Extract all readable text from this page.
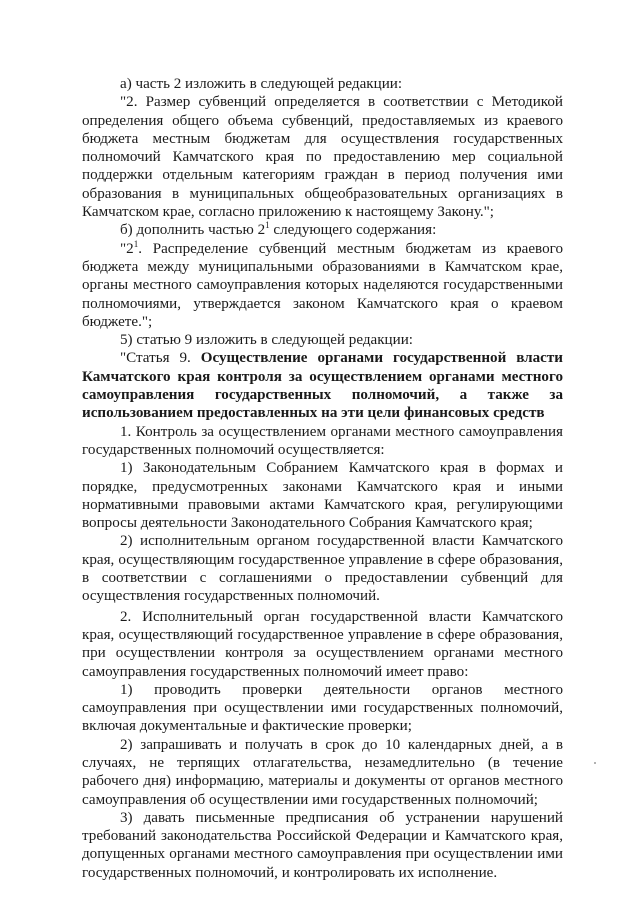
а) часть 2 изложить в следующей редакции:

"2. Размер субвенций определяется в соответствии с Методикой определения общего объема субвенций, предоставляемых из краевого бюджета местным бюджетам для осуществления государственных полномочий Камчатского края по предоставлению мер социальной поддержки отдельным категориям граждан в период получения ими образования в муниципальных общеобразовательных организациях в Камчатском крае, согласно приложению к настоящему Закону.";

б) дополнить частью $2^1$ следующего содержания:

"$2^1$. Распределение субвенций местным бюджетам из краевого бюджета между муниципальными образованиями в Камчатском крае, органы местного самоуправления которых наделяются государственными полномочиями, утверждается законом Камчатского края о краевом бюджете.";

5) статью 9 изложить в следующей редакции:

"Статья 9. Осуществление органами государственной власти Камчатского края контроля за осуществлением органами местного самоуправления государственных полномочий, а также за использованием предоставленных на эти цели финансовых средств

1. Контроль за осуществлением органами местного самоуправления государственных полномочий осуществляется:

1) Законодательным Собранием Камчатского края в формах и порядке, предусмотренных законами Камчатского края и иными нормативными правовыми актами Камчатского края, регулирующими вопросы деятельности Законодательного Собрания Камчатского края;

2) исполнительным органом государственной власти Камчатского края, осуществляющим государственное управление в сфере образования, в соответствии с соглашениями о предоставлении субвенций для осуществления государственных полномочий.

2. Исполнительный орган государственной власти Камчатского края, осуществляющий государственное управление в сфере образования, при осуществлении контроля за осуществлением органами местного самоуправления государственных полномочий имеет право:

1) проводить проверки деятельности органов местного самоуправления при осуществлении ими государственных полномочий, включая документальные и фактические проверки;

2) запрашивать и получать в срок до 10 календарных дней, а в случаях, не терпящих отлагательства, незамедлительно (в течение рабочего дня) информацию, материалы и документы от органов местного самоуправления об осуществлении ими государственных полномочий;

3) давать письменные предписания об устранении нарушений требований законодательства Российской Федерации и Камчатского края, допущенных органами местного самоуправления при осуществлении ими государственных полномочий, и контролировать их исполнение.
